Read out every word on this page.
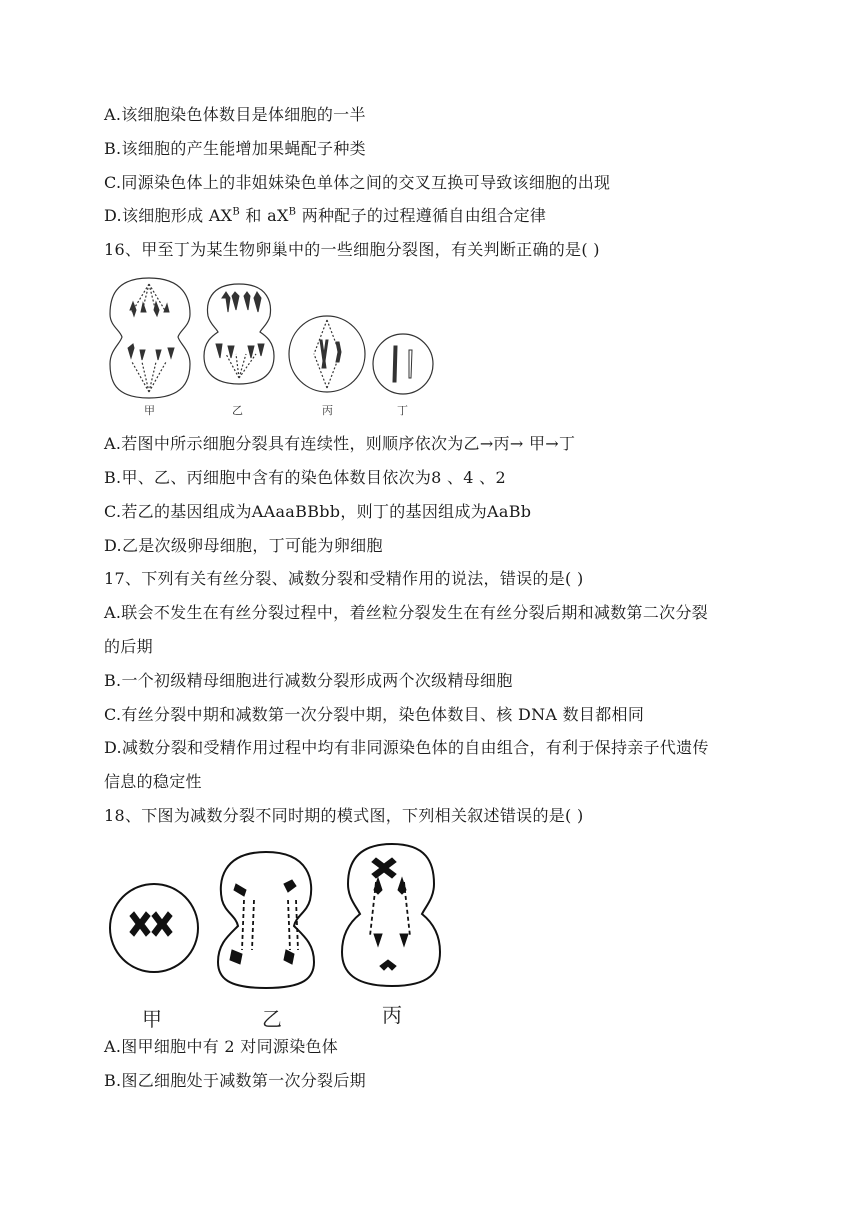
A.该细胞染色体数目是体细胞的一半
B.该细胞的产生能增加果蝇配子种类
C.同源染色体上的非姐妹染色单体之间的交叉互换可导致该细胞的出现
D.该细胞形成 $AX^B$ 和 $aX^B$ 两种配子的过程遵循自由组合定律
16、甲至丁为某生物卵巢中的一些细胞分裂图，有关判断正确的是( )
甲	乙	丙	丁
A.若图中所示细胞分裂具有连续性，则顺序依次为乙→丙→ 甲→丁
B.甲、乙、丙细胞中含有的染色体数目依次为8 、4 、2
C.若乙的基因组成为AAaaBBbb，则丁的基因组成为AaBb
D.乙是次级卵母细胞，丁可能为卵细胞
17、下列有关有丝分裂、减数分裂和受精作用的说法，错误的是( )
A.联会不发生在有丝分裂过程中，着丝粒分裂发生在有丝分裂后期和减数第二次分裂
的后期
B.一个初级精母细胞进行减数分裂形成两个次级精母细胞
C.有丝分裂中期和减数第一次分裂中期，染色体数目、核 DNA 数目都相同
D.减数分裂和受精作用过程中均有非同源染色体的自由组合，有利于保持亲子代遗传
信息的稳定性
18、下图为减数分裂不同时期的模式图，下列相关叙述错误的是( )
甲	乙	丙
A.图甲细胞中有 2 对同源染色体
B.图乙细胞处于减数第一次分裂后期
